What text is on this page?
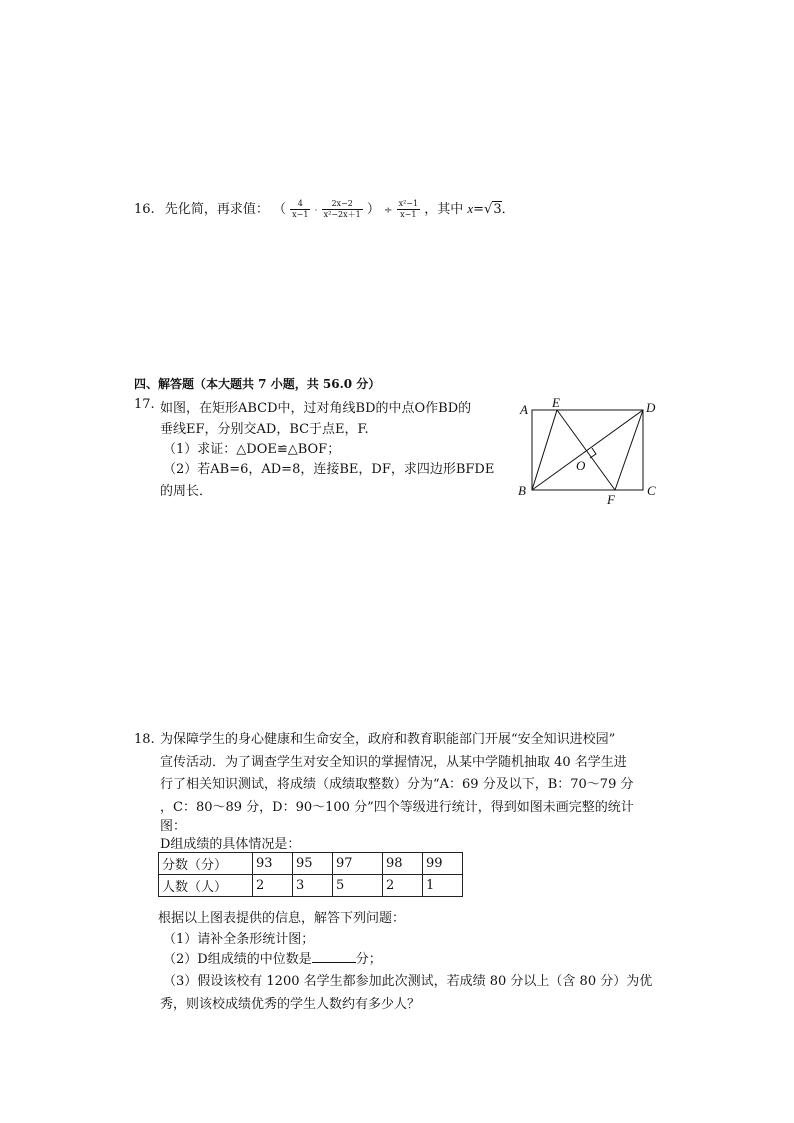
16. 先化简，再求值： （ $\frac{4}{x-1} \cdot \frac{2x-2}{\text{x²−2x＋1}}$ ） ÷ $\frac{\text{x²−1}}{x-1}$ ，其中 x=√3．
四、解答题（本大题共 7 小题，共 56.0 分）
17. 如图，在矩形ABCD中，过对角线BD的中点O作BD的
垂线EF，分别交AD，BC于点E，F.
（1）求证：△DOE≌△BOF；
（2）若AB=6，AD=8，连接BE，DF，求四边形BFDE
的周长．
A E	D
O
B
F
C
18. 为保障学生的身心健康和生命安全，政府和教育职能部门开展“安全知识进校园”
宣传活动．为了调查学生对安全知识的掌握情况，从某中学随机抽取 40 名学生进
行了相关知识测试，将成绩（成绩取整数）分为“A：69 分及以下，B：70～79 分
，C：80～89 分，D：90～100 分”四个等级进行统计，得到如图未画完整的统计
图：
D组成绩的具体情况是：
分数（分）	93	95	97	98	99
人数（人）	2	3	5	2	1
根据以上图表提供的信息，解答下列问题：
（1）请补全条形统计图；
（2）D组成绩的中位数是	分；
（3）假设该校有 1200 名学生都参加此次测试，若成绩 80 分以上（含 80 分）为优
秀，则该校成绩优秀的学生人数约有多少人？
